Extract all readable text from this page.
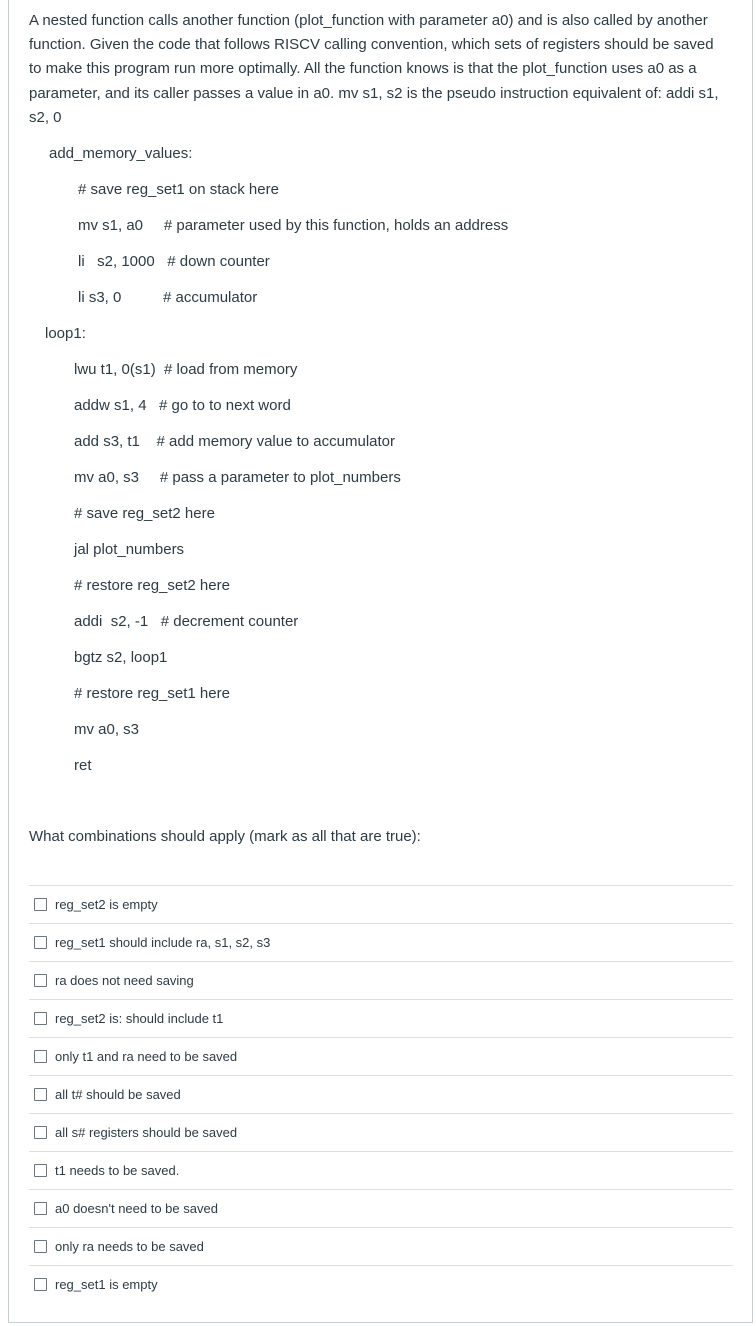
A nested function calls another function (plot_function with parameter a0) and is also called by another function. Given the code that follows RISCV calling convention, which sets of registers should be saved to make this program run more optimally. All the function knows is that the plot_function uses a0 as a parameter, and its caller passes a value in a0. mv s1, s2 is the pseudo instruction equivalent of: addi s1, s2, 0

add_memory_values:

# save reg_set1 on stack here

mv s1, a0     # parameter used by this function, holds an address

li   s2, 1000   # down counter

li s3, 0          # accumulator

loop1:

lwu t1, 0(s1)  # load from memory

addw s1, 4   # go to to next word

add s3, t1    # add memory value to accumulator

mv a0, s3     # pass a parameter to plot_numbers

# save reg_set2 here

jal plot_numbers

# restore reg_set2 here

addi  s2, -1   # decrement counter

bgtz s2, loop1

# restore reg_set1 here

mv a0, s3

ret

What combinations should apply (mark as all that are true):

reg_set2 is empty
reg_set1 should include ra, s1, s2, s3
ra does not need saving
reg_set2 is: should include t1
only t1 and ra need to be saved
all t# should be saved
all s# registers should be saved
t1 needs to be saved.
a0 doesn't need to be saved
only ra needs to be saved
reg_set1 is empty
